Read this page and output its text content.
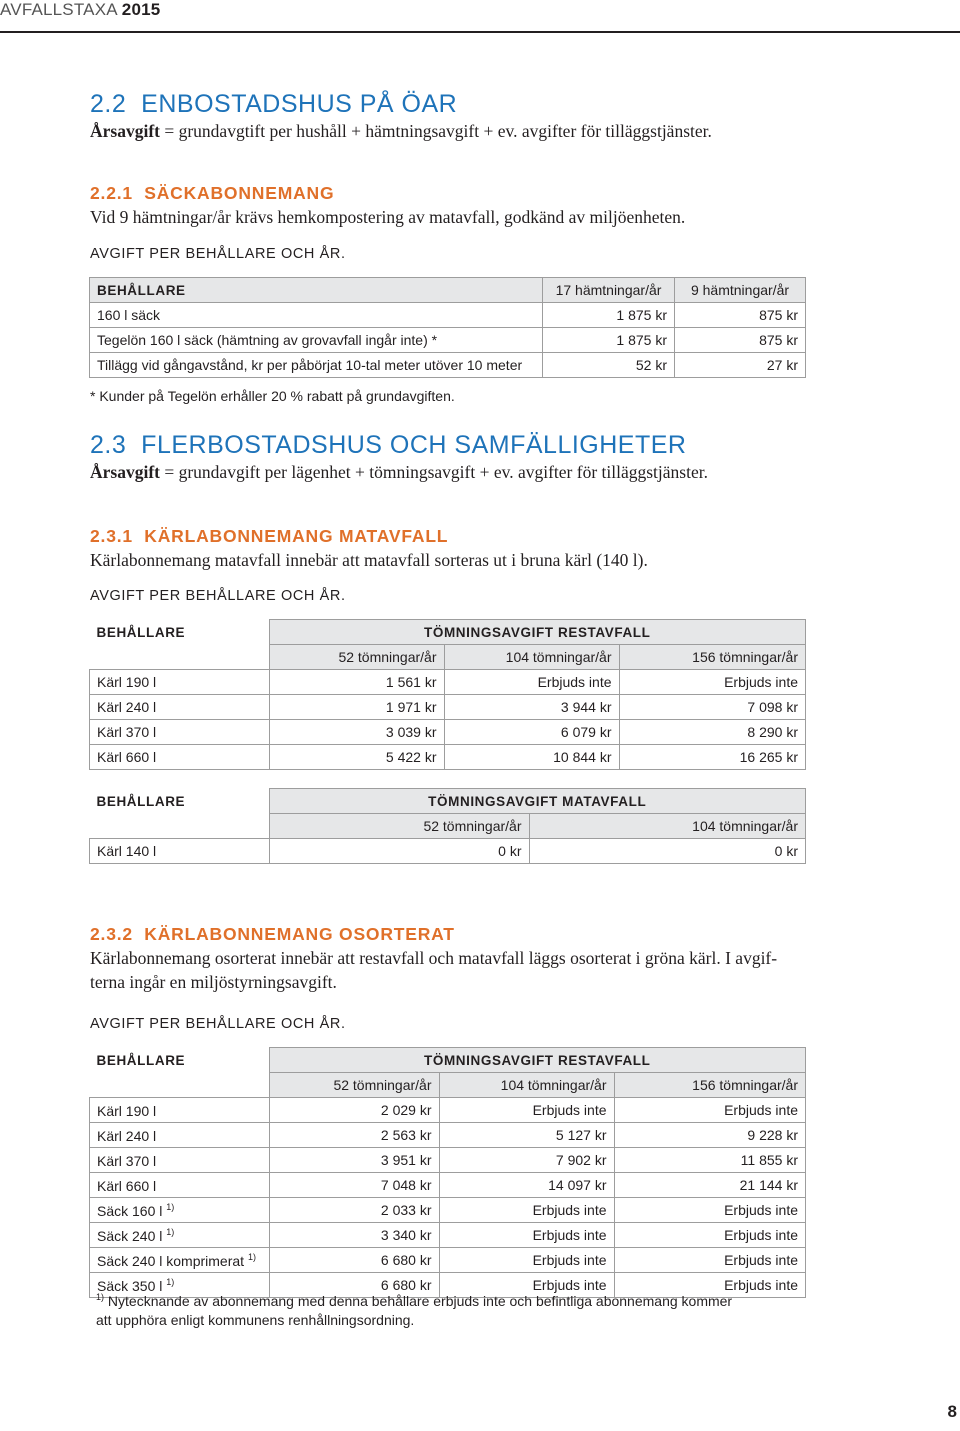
AVFALLSTAXA 2015
2.2 ENBOSTADSHUS PÅ ÖAR
Årsavgift = grundavgtift per hushåll + hämtningsavgift + ev. avgifter för tilläggstjänster.
2.2.1 SÄCKABONNEMANG
Vid 9 hämtningar/år krävs hemkompostering av matavfall, godkänd av miljöenheten.
AVGIFT PER BEHÅLLARE OCH ÅR.
BEHÅLLARE	17 hämtningar/år	9 hämtningar/år
160 l säck	1 875 kr	875 kr
Tegelön 160 l säck (hämtning av grovavfall ingår inte) *	1 875 kr	875 kr
Tillägg vid gångavstånd, kr per påbörjat 10-tal meter utöver 10 meter	52 kr	27 kr
* Kunder på Tegelön erhåller 20 % rabatt på grundavgiften.
2.3 FLERBOSTADSHUS OCH SAMFÄLLIGHETER
Årsavgift = grundavgift per lägenhet + tömningsavgift + ev. avgifter för tilläggstjänster.
2.3.1 KÄRLABONNEMANG MATAVFALL
Kärlabonnemang matavfall innebär att matavfall sorteras ut i bruna kärl (140 l).
AVGIFT PER BEHÅLLARE OCH ÅR.
BEHÅLLARE	TÖMNINGSAVGIFT RESTAVFALL		
	52 tömningar/år	104 tömningar/år	156 tömningar/år
Kärl 190 l	1 561 kr	Erbjuds inte	Erbjuds inte
Kärl 240 l	1 971 kr	3 944 kr	7 098 kr
Kärl 370 l	3 039 kr	6 079 kr	8 290 kr
Kärl 660 l	5 422 kr	10 844 kr	16 265 kr
BEHÅLLARE	TÖMNINGSAVGIFT MATAVFALL	
	52 tömningar/år	104 tömningar/år
Kärl 140 l	0 kr	0 kr
2.3.2 KÄRLABONNEMANG OSORTERAT
Kärlabonnemang osorterat innebär att restavfall och matavfall läggs osorterat i gröna kärl. I avgif-
terna ingår en miljöstyrningsavgift.
AVGIFT PER BEHÅLLARE OCH ÅR.
BEHÅLLARE	TÖMNINGSAVGIFT RESTAVFALL		
	52 tömningar/år	104 tömningar/år	156 tömningar/år
Kärl 190 l	2 029 kr	Erbjuds inte	Erbjuds inte
Kärl 240 l	2 563 kr	5 127 kr	9 228 kr
Kärl 370 l	3 951 kr	7 902 kr	11 855 kr
Kärl 660 l	7 048 kr	14 097 kr	21 144 kr
Säck 160 l $^{1)}$	2 033 kr	Erbjuds inte	Erbjuds inte
Säck 240 l $^{1)}$	3 340 kr	Erbjuds inte	Erbjuds inte
Säck 240 l komprimerat $^{1)}$	6 680 kr	Erbjuds inte	Erbjuds inte
Säck 350 l $^{1)}$	6 680 kr	Erbjuds inte	Erbjuds inte
$^{1)}$ Nytecknande av abonnemang med denna behållare erbjuds inte och befintliga abonnemang kommer
att upphöra enligt kommunens renhållningsordning.
8
